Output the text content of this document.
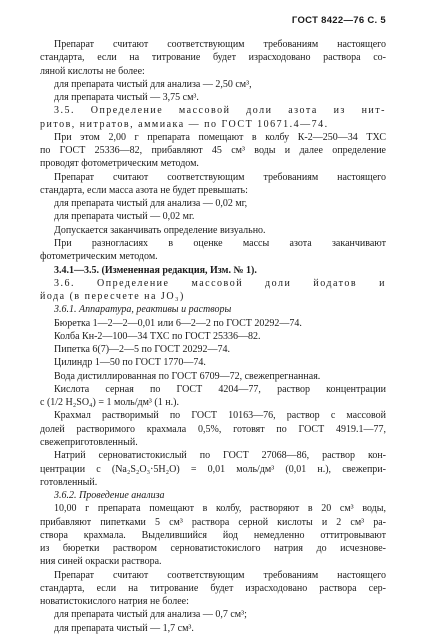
ГОСТ 8422—76 С. 5
Препарат считают соответствующим требованиям настоящего
стандарта, если на титрование будет израсходовано раствора со-
ляной кислоты не более:
для препарата чистый для анализа — 2,50 см³,
для препарата чистый — 3,75 см³.
3.5. Определение массовой доли азота из нит-
ритов, нитратов, аммиака — по ГОСТ 10671.4—74.
При этом 2,00 г препарата помещают в колбу К-2—250—34 ТХС
по ГОСТ 25336—82, прибавляют 45 см³ воды и далее определение
проводят фотометрическим методом.
Препарат считают соответствующим требованиям настоящего
стандарта, если масса азота не будет превышать:
для препарата чистый для анализа — 0,02 мг,
для препарата чистый — 0,02 мг.
Допускается заканчивать определение визуально.
При разногласиях в оценке массы азота заканчивают
фотометрическим методом.
3.4.1—3.5. (Измененная редакция, Изм. № 1).
3.6. Определение массовой доли йодатов и
йода (в пересчете на JO₃)
3.6.1. Аппаратура, реактивы и растворы
Бюретка 1—2—2—0,01 или 6—2—2 по ГОСТ 20292—74.
Колба Кн-2—100—34 ТХС по ГОСТ 25336—82.
Пипетка 6(7)—2—5 по ГОСТ 20292—74.
Цилиндр 1—50 по ГОСТ 1770—74.
Вода дистиллированная по ГОСТ 6709—72, свежепрегнанная.
Кислота серная по ГОСТ 4204—77, раствор концентрации
c (1/2 H₂SO₄) = 1 моль/дм³ (1 н.).
Крахмал растворимый по ГОСТ 10163—76, раствор с массовой
долей растворимого крахмала 0,5%, готовят по ГОСТ 4919.1—77,
свежеприготовленный.
Натрий серноватистокислый по ГОСТ 27068—86, раствор кон-
центрации c (Na₂S₂O₃·5H₂O) = 0,01 моль/дм³ (0,01 н.), свежепри-
готовленный.
3.6.2. Проведение анализа
10,00 г препарата помещают в колбу, растворяют в 20 см³ воды,
прибавляют пипетками 5 см³ раствора серной кислоты и 2 см³ ра-
створа крахмала. Выделившийся йод немедленно оттитровывают
из бюретки раствором серноватистокислого натрия до исчезнове-
ния синей окраски раствора.
Препарат считают соответствующим требованиям настоящего
стандарта, если на титрование будет израсходовано раствора сер-
новатистокислого натрия не более:
для препарата чистый для анализа — 0,7 см³;
для препарата чистый — 1,7 см³.
